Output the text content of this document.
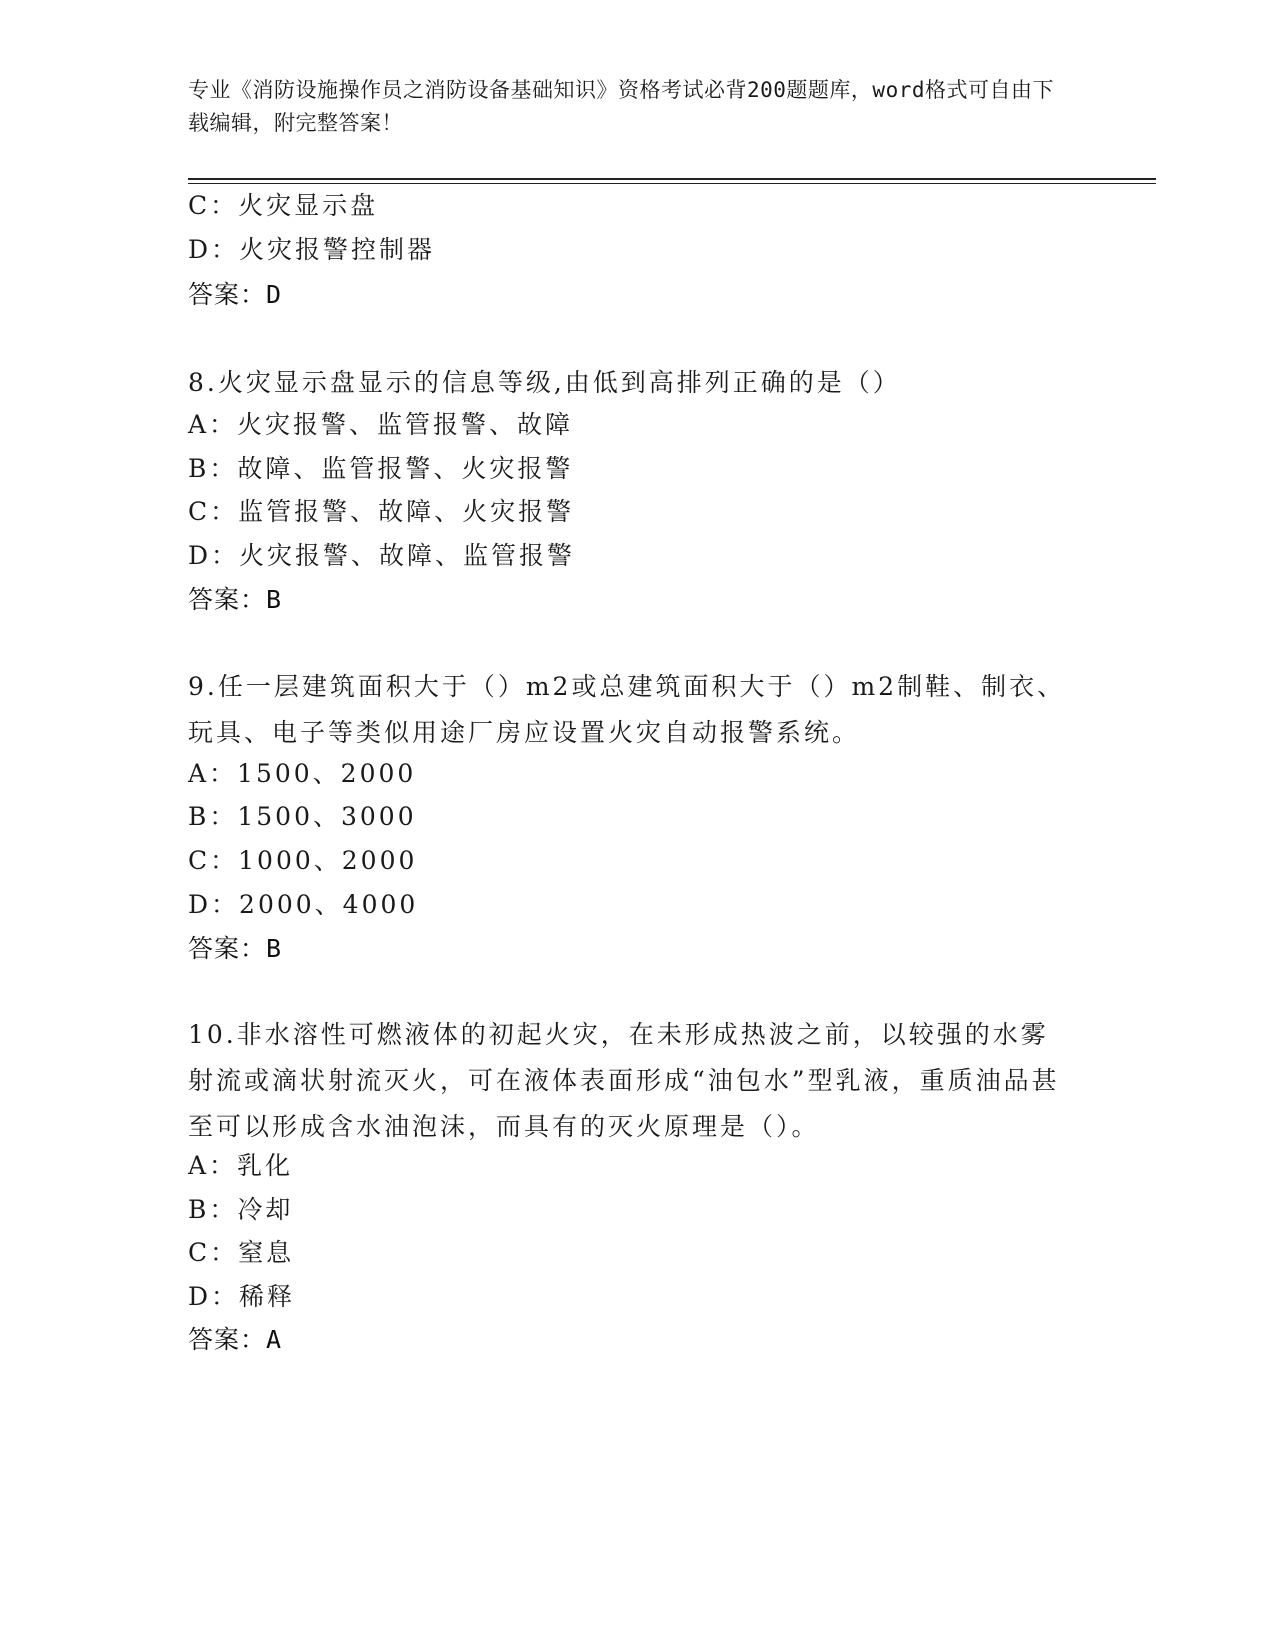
专业《消防设施操作员之消防设备基础知识》资格考试必背200题题库，word格式可自由下载编辑，附完整答案！
C：火灾显示盘
D：火灾报警控制器
答案：D
8.火灾显示盘显示的信息等级,由低到高排列正确的是（）
A：火灾报警、监管报警、故障
B：故障、监管报警、火灾报警
C：监管报警、故障、火灾报警
D：火灾报警、故障、监管报警
答案：B
9.任一层建筑面积大于（）m2或总建筑面积大于（）m2制鞋、制衣、玩具、电子等类似用途厂房应设置火灾自动报警系统。
A：1500、2000
B：1500、3000
C：1000、2000
D：2000、4000
答案：B
10.非水溶性可燃液体的初起火灾，在未形成热波之前，以较强的水雾射流或滴状射流灭火，可在液体表面形成“油包水”型乳液，重质油品甚至可以形成含水油泡沫，而具有的灭火原理是（）。
A：乳化
B：冷却
C：窒息
D：稀释
答案：A
